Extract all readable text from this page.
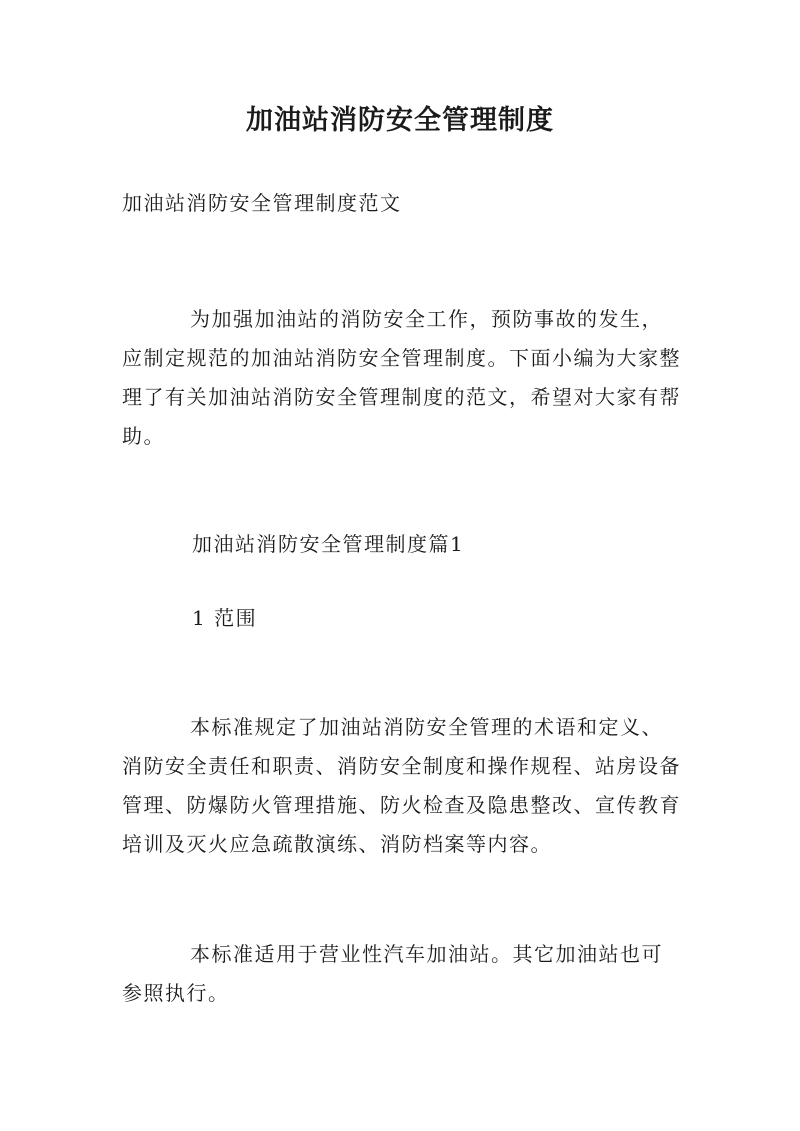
加油站消防安全管理制度
加油站消防安全管理制度范文

为加强加油站的消防安全工作，预防事故的发生，应制定规范的加油站消防安全管理制度。下面小编为大家整理了有关加油站消防安全管理制度的范文，希望对大家有帮助。

加油站消防安全管理制度篇1
1 范围

本标准规定了加油站消防安全管理的术语和定义、消防安全责任和职责、消防安全制度和操作规程、站房设备管理、防爆防火管理措施、防火检查及隐患整改、宣传教育培训及灭火应急疏散演练、消防档案等内容。

本标准适用于营业性汽车加油站。其它加油站也可参照执行。
